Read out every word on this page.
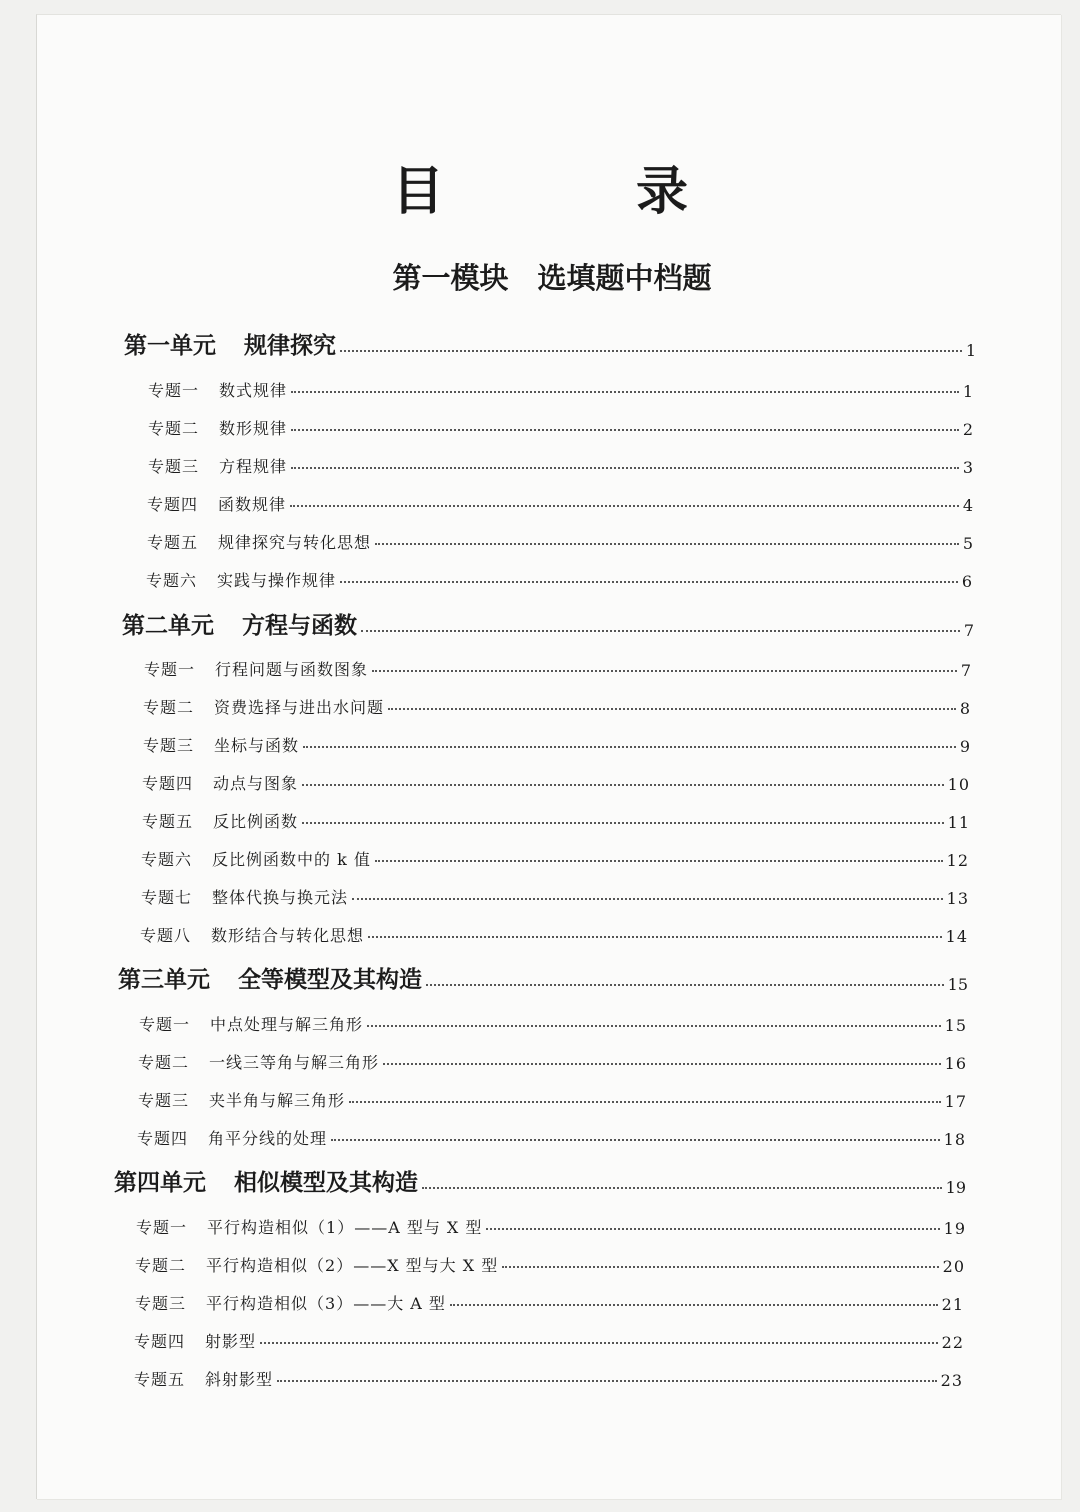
目　录
第一模块　选填题中档题
第一单元 规律探究	1
专题一 数式规律	1
专题二 数形规律	2
专题三 方程规律	3
专题四 函数规律	4
专题五 规律探究与转化思想	5
专题六 实践与操作规律	6
第二单元 方程与函数	7
专题一 行程问题与函数图象	7
专题二 资费选择与进出水问题	8
专题三 坐标与函数	9
专题四 动点与图象	10
专题五 反比例函数	11
专题六 反比例函数中的 k 值	12
专题七 整体代换与换元法	13
专题八 数形结合与转化思想	14
第三单元 全等模型及其构造	15
专题一 中点处理与解三角形	15
专题二 一线三等角与解三角形	16
专题三 夹半角与解三角形	17
专题四 角平分线的处理	18
第四单元 相似模型及其构造	19
专题一 平行构造相似（1）——A 型与 X 型	19
专题二 平行构造相似（2）——X 型与大 X 型	20
专题三 平行构造相似（3）——大 A 型	21
专题四 射影型	22
专题五 斜射影型	23
